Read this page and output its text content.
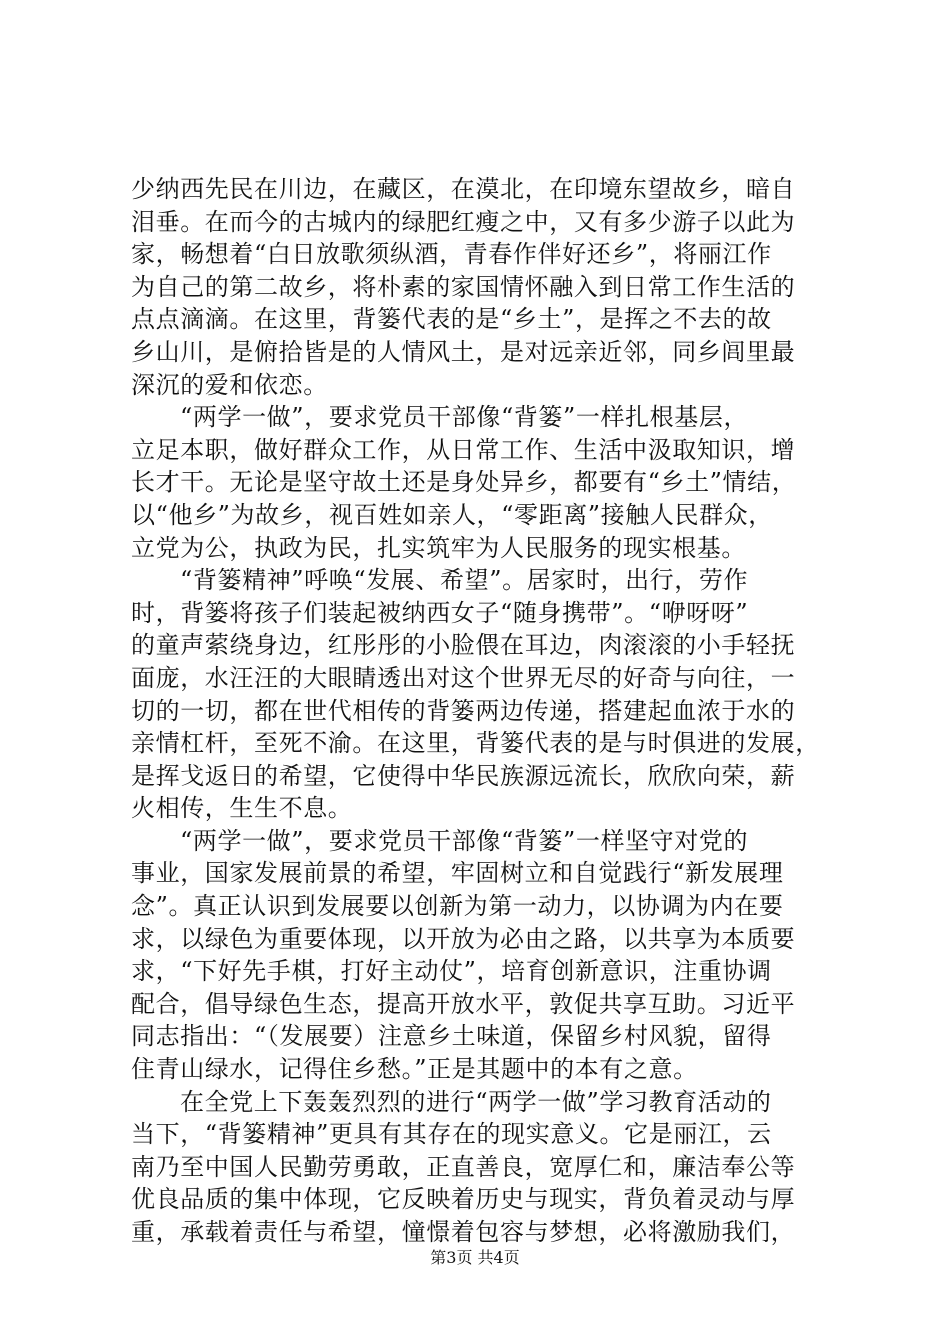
少纳西先民在川边，在藏区，在漠北，在印境东望故乡，暗自
泪垂。在而今的古城内的绿肥红瘦之中，又有多少游子以此为
家，畅想着“白日放歌须纵酒，青春作伴好还乡”，将丽江作
为自己的第二故乡，将朴素的家国情怀融入到日常工作生活的
点点滴滴。在这里，背篓代表的是“乡土”，是挥之不去的故
乡山川，是俯拾皆是的人情风土，是对远亲近邻，同乡闾里最
深沉的爱和依恋。
“两学一做”，要求党员干部像“背篓”一样扎根基层，
立足本职，做好群众工作，从日常工作、生活中汲取知识，增
长才干。无论是坚守故土还是身处异乡，都要有“乡土”情结，
以“他乡”为故乡，视百姓如亲人，“零距离”接触人民群众，
立党为公，执政为民，扎实筑牢为人民服务的现实根基。
“背篓精神”呼唤“发展、希望”。居家时，出行，劳作
时，背篓将孩子们装起被纳西女子“随身携带”。“咿呀呀”
的童声萦绕身边，红彤彤的小脸偎在耳边，肉滚滚的小手轻抚
面庞，水汪汪的大眼睛透出对这个世界无尽的好奇与向往，一
切的一切，都在世代相传的背篓两边传递，搭建起血浓于水的
亲情杠杆，至死不渝。在这里，背篓代表的是与时俱进的发展，
是挥戈返日的希望，它使得中华民族源远流长，欣欣向荣，薪
火相传，生生不息。
“两学一做”，要求党员干部像“背篓”一样坚守对党的
事业，国家发展前景的希望，牢固树立和自觉践行“新发展理
念”。真正认识到发展要以创新为第一动力，以协调为内在要
求，以绿色为重要体现，以开放为必由之路，以共享为本质要
求，“下好先手棋，打好主动仗”，培育创新意识，注重协调
配合，倡导绿色生态，提高开放水平，敦促共享互助。习近平
同志指出：“（发展要）注意乡土味道，保留乡村风貌，留得
住青山绿水，记得住乡愁。”正是其题中的本有之意。
在全党上下轰轰烈烈的进行“两学一做”学习教育活动的
当下，“背篓精神”更具有其存在的现实意义。它是丽江，云
南乃至中国人民勤劳勇敢，正直善良，宽厚仁和，廉洁奉公等
优良品质的集中体现，它反映着历史与现实，背负着灵动与厚
重，承载着责任与希望，憧憬着包容与梦想，必将激励我们，
第3页 共4页
